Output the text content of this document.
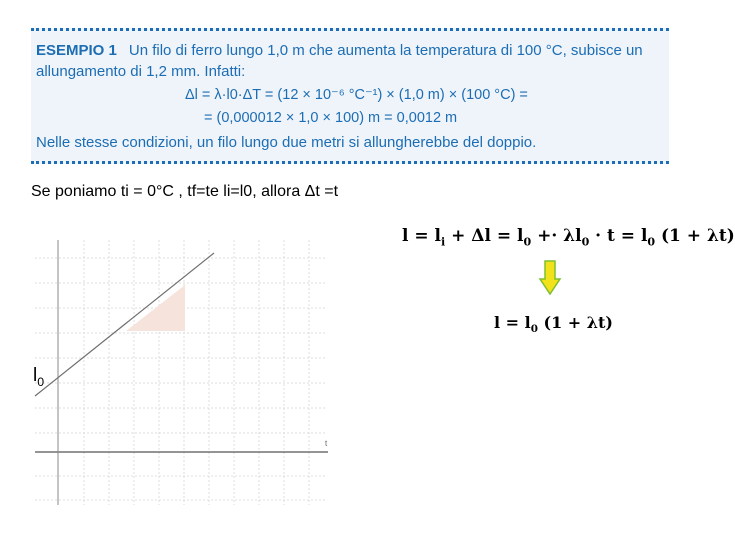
ESEMPIO 1 Un filo di ferro lungo 1,0 m che aumenta la temperatura di 100 °C, subisce un
allungamento di 1,2 mm. Infatti:
Δl = λ·l0·ΔT = (12 × 10⁻⁶ °C⁻¹) × (1,0 m) × (100 °C) =
= (0,000012 × 1,0 × 100) m = 0,0012 m
Nelle stesse condizioni, un filo lungo due metri si allungherebbe del doppio.
Se poniamo ti = 0°C , tf=te li=l0, allora Δt =t
t
$l_0$
$l = l_i + \Delta l = l_0 +\cdot \lambda l_0 \cdot t = l_0$ (1 + λt)
$l = l_0$ (1 + λt)
